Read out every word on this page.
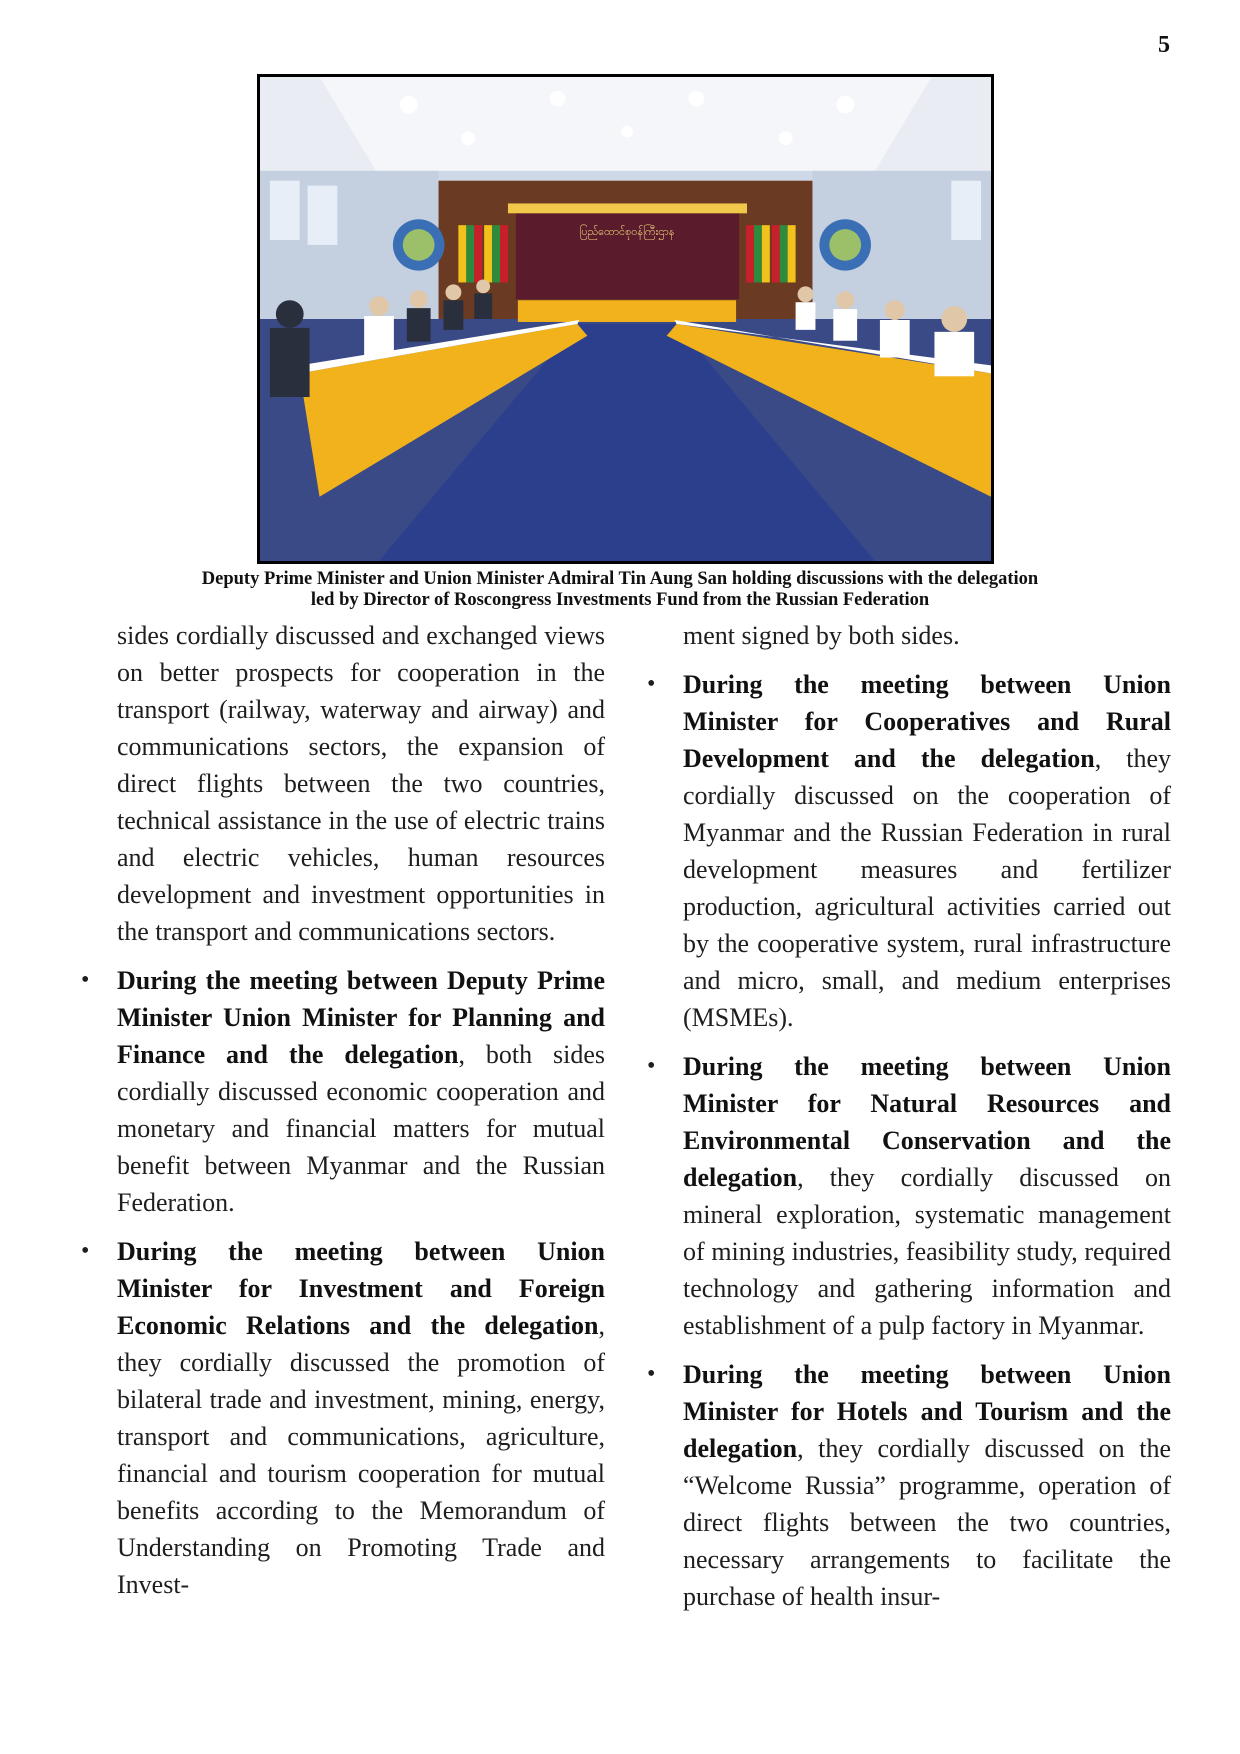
5
ပြည်ထောင်စုဝန်ကြီးဌာန

Deputy Prime Minister and Union Minister Admiral Tin Aung San holding discussions with the delegation

led by Director of Roscongress Investments Fund from the Russian Federation

sides cordially discussed and exchanged views on better prospects for cooperation in the transport (railway, waterway and airway) and communications sectors, the expansion of direct flights between the two countries, technical assistance in the use of electric trains and electric vehicles, human resources development and investment opportunities in the transport and communications sectors.

• During the meeting between Deputy Prime Minister Union Minister for Planning and Finance and the delegation, both sides cordially discussed economic cooperation and monetary and financial matters for mutual benefit between Myanmar and the Russian Federation.

• During the meeting between Union Minister for Investment and Foreign Economic Relations and the delegation, they cordially discussed the promotion of bilateral trade and investment, mining, energy, transport and communications, agriculture, financial and tourism cooperation for mutual benefits according to the Memorandum of Understanding on Promoting Trade and Invest-

ment signed by both sides.

• During the meeting between Union Minister for Cooperatives and Rural Development and the delegation, they cordially discussed on the cooperation of Myanmar and the Russian Federation in rural development measures and fertilizer production, agricultural activities carried out by the cooperative system, rural infrastructure and micro, small, and medium enterprises (MSMEs).

• During the meeting between Union Minister for Natural Resources and Environmental Conservation and the delegation, they cordially discussed on mineral exploration, systematic management of mining industries, feasibility study, required technology and gathering information and establishment of a pulp factory in Myanmar.

• During the meeting between Union Minister for Hotels and Tourism and the delegation, they cordially discussed on the “Welcome Russia” programme, operation of direct flights between the two countries, necessary arrangements to facilitate the purchase of health insur-
